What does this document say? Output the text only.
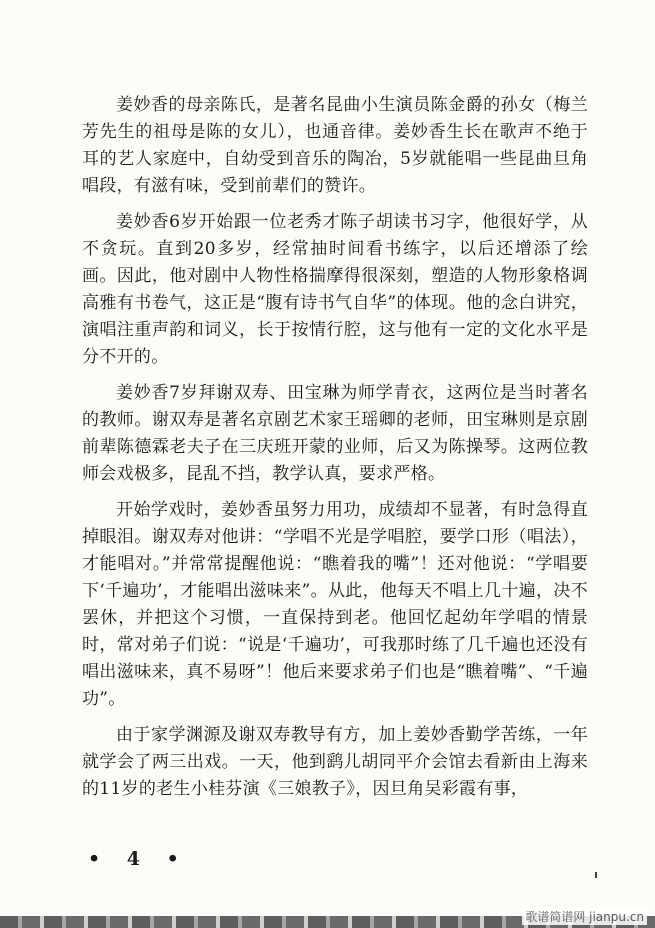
姜妙香的母亲陈氏，是著名昆曲小生演员陈金爵的孙女（梅兰芳先生的祖母是陈的女儿），也通音律。姜妙香生长在歌声不绝于耳的艺人家庭中，自幼受到音乐的陶冶，5岁就能唱一些昆曲旦角唱段，有滋有味，受到前辈们的赞许。

姜妙香6岁开始跟一位老秀才陈子胡读书习字，他很好学，从不贪玩。直到20多岁，经常抽时间看书练字，以后还增添了绘画。因此，他对剧中人物性格揣摩得很深刻，塑造的人物形象格调高雅有书卷气，这正是“腹有诗书气自华”的体现。他的念白讲究，演唱注重声韵和词义，长于按情行腔，这与他有一定的文化水平是分不开的。

姜妙香7岁拜谢双寿、田宝琳为师学青衣，这两位是当时著名的教师。谢双寿是著名京剧艺术家王瑶卿的老师，田宝琳则是京剧前辈陈德霖老夫子在三庆班开蒙的业师，后又为陈操琴。这两位教师会戏极多，昆乱不挡，教学认真，要求严格。

开始学戏时，姜妙香虽努力用功，成绩却不显著，有时急得直掉眼泪。谢双寿对他讲：“学唱不光是学唱腔，要学口形（唱法），才能唱对。”并常常提醒他说：“瞧着我的嘴”！还对他说：“学唱要下‘千遍功’，才能唱出滋味来”。从此，他每天不唱上几十遍，决不罢休，并把这个习惯，一直保持到老。他回忆起幼年学唱的情景时，常对弟子们说：“说是‘千遍功’，可我那时练了几千遍也还没有唱出滋味来，真不易呀”！他后来要求弟子们也是“瞧着嘴”、“千遍功”。

由于家学渊源及谢双寿教导有方，加上姜妙香勤学苦练，一年就学会了两三出戏。一天，他到鹞儿胡同平介会馆去看新由上海来的11岁的老生小桂芬演《三娘教子》，因旦角吴彩霞有事，

• 4 •
歌谱简谱网 jianpu.cn
